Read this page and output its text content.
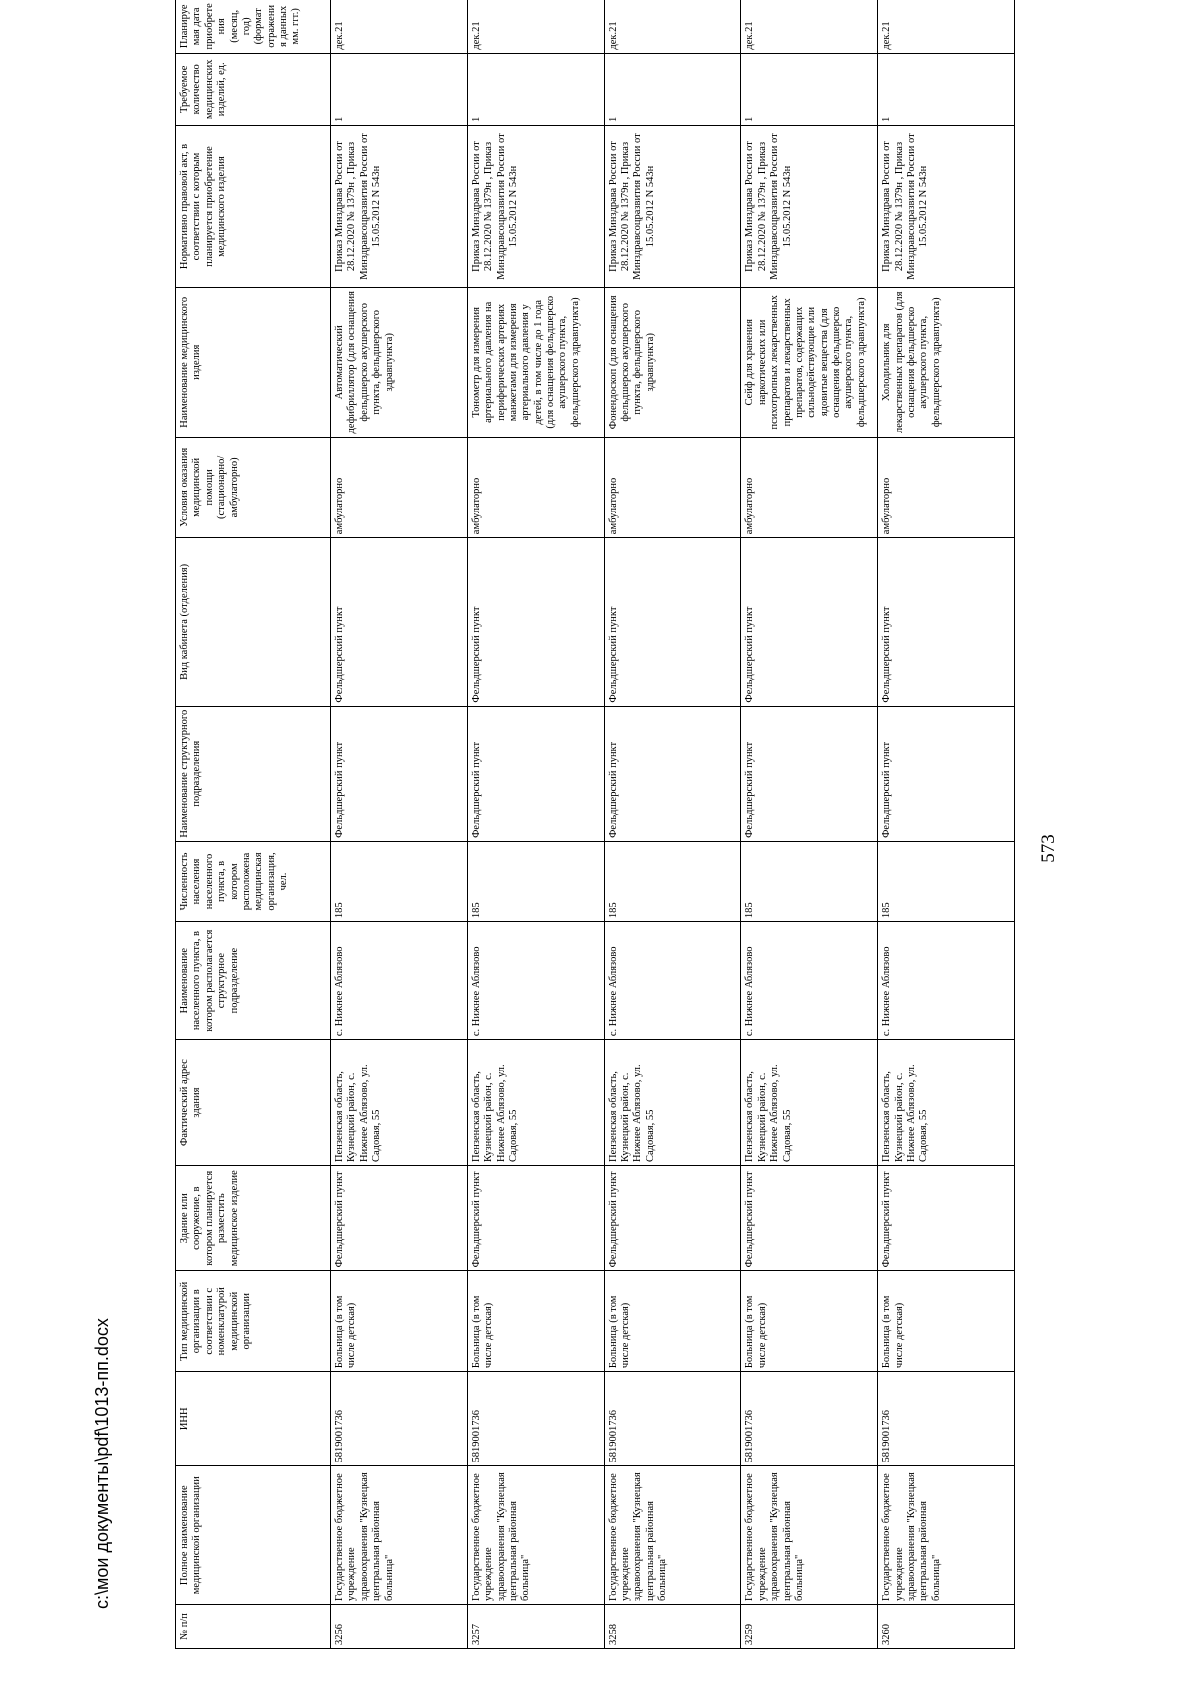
c:\мои документы\pdf\1013-пп.docx
№ п/п	Полное наименование медицинской организации	ИНН	Тип медицинской организации в соответствии с номенклатурой медицинской организации	Здание или сооружение, в котором планируется разместить медицинское изделие	Фактический адрес здания	Наименование населенного пункта, в котором располагается структурное подразделение	Численность населения населенного пункта, в котором расположена медицинская организация, чел.	Наименование структурного подразделения	Вид кабинета (отделения)	Условия оказания медицинской помощи (стационарно/ амбулаторно)	Наименование медицинского изделия	Нормативно правовой акт, в соответствии с которым планируется приобретение медицинского изделия	Требуемое количество медицинских изделий, ед.	Планируемая дата приобретения (месяц, год) (формат отражения данных мм. ггг.)
3256	Государственное бюджетное учреждение здравоохранения "Кузнецкая центральная районная больница"	5819001736	Больница (в том числе детская)	Фельдшерский пункт	Пензенская область, Кузнецкий район, с. Нижнее Аблязово, ул. Садовая, 55	с. Нижнее Аблязово	185	Фельдшерский пункт	Фельдшерский пункт	амбулаторно	Автоматический дефибриллятор (для оснащения фельдшерско акушерского пункта, фельдшерского здравпункта)	Приказ Минздрава России от 28.12.2020 № 1379н , Приказ Минздравсоцразвития России от 15.05.2012 N 543н	1	дек.21
3257	Государственное бюджетное учреждение здравоохранения "Кузнецкая центральная районная больница"	5819001736	Больница (в том числе детская)	Фельдшерский пункт	Пензенская область, Кузнецкий район, с. Нижнее Аблязово, ул. Садовая, 55	с. Нижнее Аблязово	185	Фельдшерский пункт	Фельдшерский пункт	амбулаторно	Тонометр для измерения артериального давления на периферических артериях манжетами для измерения артериального давления у детей, в том числе до 1 года (для оснащения фельдшерско акушерского пункта, фельдшерского здравпункта)	Приказ Минздрава России от 28.12.2020 № 1379н , Приказ Минздравсоцразвития России от 15.05.2012 N 543н	1	дек.21
3258	Государственное бюджетное учреждение здравоохранения "Кузнецкая центральная районная больница"	5819001736	Больница (в том числе детская)	Фельдшерский пункт	Пензенская область, Кузнецкий район, с. Нижнее Аблязово, ул. Садовая, 55	с. Нижнее Аблязово	185	Фельдшерский пункт	Фельдшерский пункт	амбулаторно	Фонендоскоп (для оснащения фельдшерско акушерского пункта, фельдшерского здравпункта)	Приказ Минздрава России от 28.12.2020 № 1379н , Приказ Минздравсоцразвития России от 15.05.2012 N 543н	1	дек.21
3259	Государственное бюджетное учреждение здравоохранения "Кузнецкая центральная районная больница"	5819001736	Больница (в том числе детская)	Фельдшерский пункт	Пензенская область, Кузнецкий район, с. Нижнее Аблязово, ул. Садовая, 55	с. Нижнее Аблязово	185	Фельдшерский пункт	Фельдшерский пункт	амбулаторно	Сейф для хранения наркотических или психотропных лекарственных препаратов и лекарственных препаратов, содержащих сильнодействующие или ядовитые вещества (для оснащения фельдшерско акушерского пункта, фельдшерского здравпункта)	Приказ Минздрава России от 28.12.2020 № 1379н , Приказ Минздравсоцразвития России от 15.05.2012 N 543н	1	дек.21
3260	Государственное бюджетное учреждение здравоохранения "Кузнецкая центральная районная больница"	5819001736	Больница (в том числе детская)	Фельдшерский пункт	Пензенская область, Кузнецкий район, с. Нижнее Аблязово, ул. Садовая, 55	с. Нижнее Аблязово	185	Фельдшерский пункт	Фельдшерский пункт	амбулаторно	Холодильник для лекарственных препаратов (для оснащения фельдшерско акушерского пункта, фельдшерского здравпункта)	Приказ Минздрава России от 28.12.2020 № 1379н , Приказ Минздравсоцразвития России от 15.05.2012 N 543н	1	дек.21
573
